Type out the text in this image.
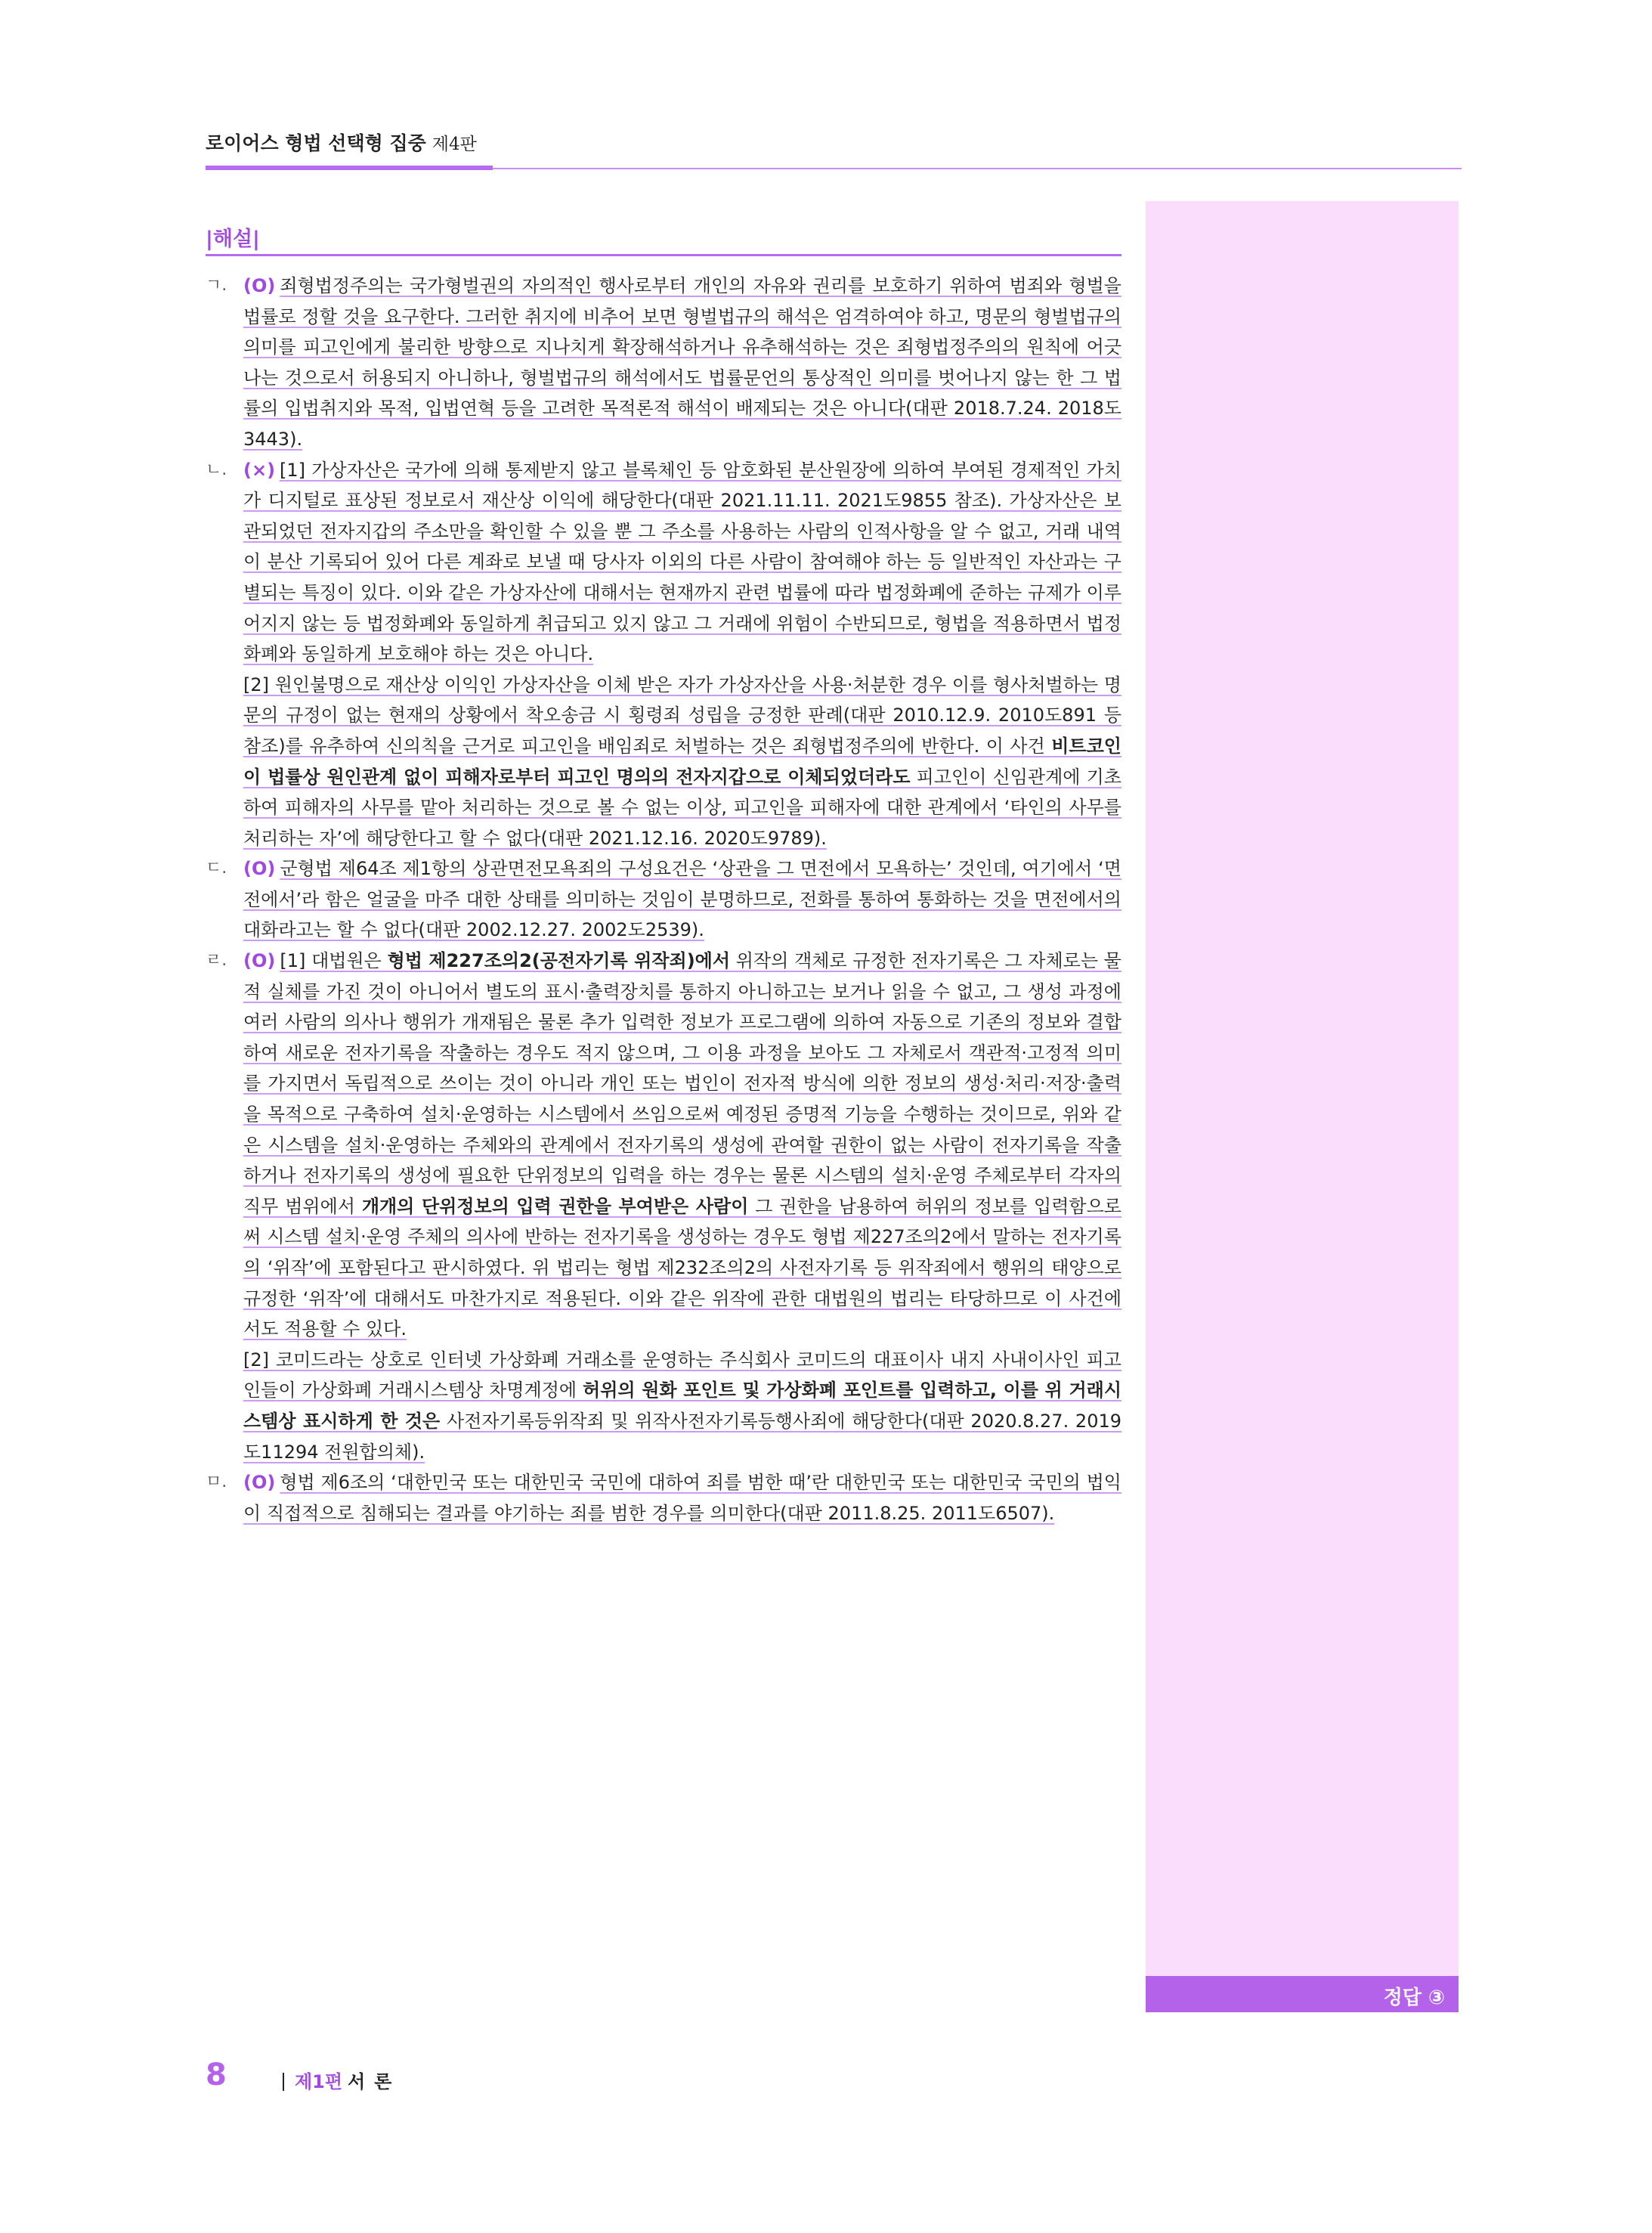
로이어스 형법 선택형 집중 제4판
정답 ③
|해설|

ㄱ. (O) 죄형법정주의는 국가형벌권의 자의적인 행사로부터 개인의 자유와 권리를 보호하기 위하여 범죄와 형벌을 법률로 정할 것을 요구한다. 그러한 취지에 비추어 보면 형벌법규의 해석은 엄격하여야 하고, 명문의 형벌법규의 의미를 피고인에게 불리한 방향으로 지나치게 확장해석하거나 유추해석하는 것은 죄형법정주의의 원칙에 어긋나는 것으로서 허용되지 아니하나, 형벌법규의 해석에서도 법률문언의 통상적인 의미를 벗어나지 않는 한 그 법률의 입법취지와 목적, 입법연혁 등을 고려한 목적론적 해석이 배제되는 것은 아니다(대판 2018.7.24. 2018도3443).

ㄴ. (×) [1] 가상자산은 국가에 의해 통제받지 않고 블록체인 등 암호화된 분산원장에 의하여 부여된 경제적인 가치가 디지털로 표상된 정보로서 재산상 이익에 해당한다(대판 2021.11.11. 2021도9855 참조). 가상자산은 보관되었던 전자지갑의 주소만을 확인할 수 있을 뿐 그 주소를 사용하는 사람의 인적사항을 알 수 없고, 거래 내역이 분산 기록되어 있어 다른 계좌로 보낼 때 당사자 이외의 다른 사람이 참여해야 하는 등 일반적인 자산과는 구별되는 특징이 있다. 이와 같은 가상자산에 대해서는 현재까지 관련 법률에 따라 법정화폐에 준하는 규제가 이루어지지 않는 등 법정화폐와 동일하게 취급되고 있지 않고 그 거래에 위험이 수반되므로, 형법을 적용하면서 법정화폐와 동일하게 보호해야 하는 것은 아니다.

[2] 원인불명으로 재산상 이익인 가상자산을 이체 받은 자가 가상자산을 사용·처분한 경우 이를 형사처벌하는 명문의 규정이 없는 현재의 상황에서 착오송금 시 횡령죄 성립을 긍정한 판례(대판 2010.12.9. 2010도891 등 참조)를 유추하여 신의칙을 근거로 피고인을 배임죄로 처벌하는 것은 죄형법정주의에 반한다. 이 사건 비트코인이 법률상 원인관계 없이 피해자로부터 피고인 명의의 전자지갑으로 이체되었더라도 피고인이 신임관계에 기초하여 피해자의 사무를 맡아 처리하는 것으로 볼 수 없는 이상, 피고인을 피해자에 대한 관계에서 ‘타인의 사무를 처리하는 자’에 해당한다고 할 수 없다(대판 2021.12.16. 2020도9789).

ㄷ. (O) 군형법 제64조 제1항의 상관면전모욕죄의 구성요건은 ‘상관을 그 면전에서 모욕하는’ 것인데, 여기에서 ‘면전에서’라 함은 얼굴을 마주 대한 상태를 의미하는 것임이 분명하므로, 전화를 통하여 통화하는 것을 면전에서의 대화라고는 할 수 없다(대판 2002.12.27. 2002도2539).

ㄹ. (O) [1] 대법원은 형법 제227조의2(공전자기록 위작죄)에서 위작의 객체로 규정한 전자기록은 그 자체로는 물적 실체를 가진 것이 아니어서 별도의 표시·출력장치를 통하지 아니하고는 보거나 읽을 수 없고, 그 생성 과정에 여러 사람의 의사나 행위가 개재됨은 물론 추가 입력한 정보가 프로그램에 의하여 자동으로 기존의 정보와 결합하여 새로운 전자기록을 작출하는 경우도 적지 않으며, 그 이용 과정을 보아도 그 자체로서 객관적·고정적 의미를 가지면서 독립적으로 쓰이는 것이 아니라 개인 또는 법인이 전자적 방식에 의한 정보의 생성·처리·저장·출력을 목적으로 구축하여 설치·운영하는 시스템에서 쓰임으로써 예정된 증명적 기능을 수행하는 것이므로, 위와 같은 시스템을 설치·운영하는 주체와의 관계에서 전자기록의 생성에 관여할 권한이 없는 사람이 전자기록을 작출하거나 전자기록의 생성에 필요한 단위정보의 입력을 하는 경우는 물론 시스템의 설치·운영 주체로부터 각자의 직무 범위에서 개개의 단위정보의 입력 권한을 부여받은 사람이 그 권한을 남용하여 허위의 정보를 입력함으로써 시스템 설치·운영 주체의 의사에 반하는 전자기록을 생성하는 경우도 형법 제227조의2에서 말하는 전자기록의 ‘위작’에 포함된다고 판시하였다. 위 법리는 형법 제232조의2의 사전자기록 등 위작죄에서 행위의 태양으로 규정한 ‘위작’에 대해서도 마찬가지로 적용된다. 이와 같은 위작에 관한 대법원의 법리는 타당하므로 이 사건에서도 적용할 수 있다.

[2] 코미드라는 상호로 인터넷 가상화폐 거래소를 운영하는 주식회사 코미드의 대표이사 내지 사내이사인 피고인들이 가상화폐 거래시스템상 차명계정에 허위의 원화 포인트 및 가상화폐 포인트를 입력하고, 이를 위 거래시스템상 표시하게 한 것은 사전자기록등위작죄 및 위작사전자기록등행사죄에 해당한다(대판 2020.8.27. 2019도11294 전원합의체).

ㅁ. (O) 형법 제6조의 ‘대한민국 또는 대한민국 국민에 대하여 죄를 범한 때’란 대한민국 또는 대한민국 국민의 법익이 직접적으로 침해되는 결과를 야기하는 죄를 범한 경우를 의미한다(대판 2011.8.25. 2011도6507).

8	제1편 서론
